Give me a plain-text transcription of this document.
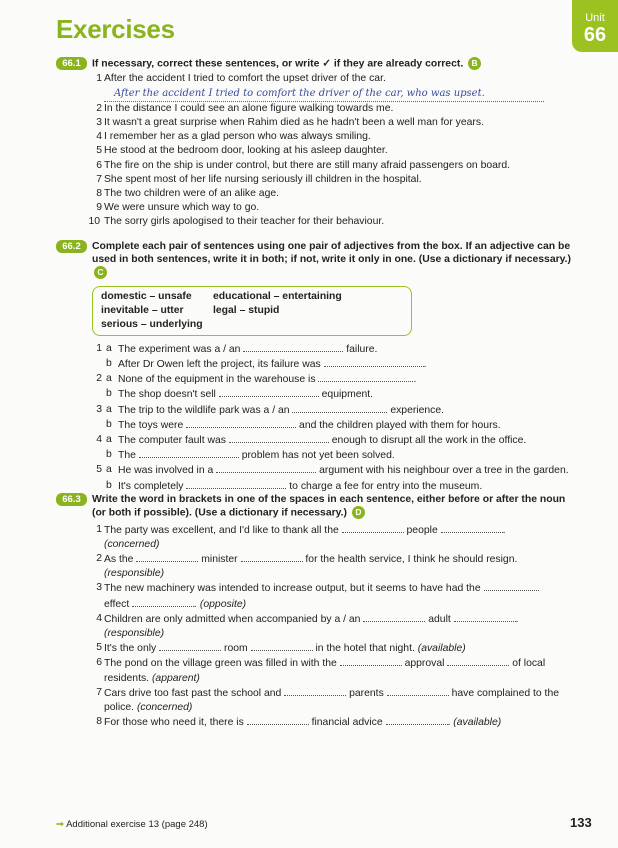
Exercises	Unit
66
66.1	If necessary, correct these sentences, or write ✓ if they are already correct. B
1 After the accident I tried to comfort the upset driver of the car.
After the accident I tried to comfort the driver of the car, who was upset.
2 In the distance I could see an alone figure walking towards me.
3 It wasn't a great surprise when Rahim died as he hadn't been a well man for years.
4 I remember her as a glad person who was always smiling.
5 He stood at the bedroom door, looking at his asleep daughter.
6 The fire on the ship is under control, but there are still many afraid passengers on board.
7 She spent most of her life nursing seriously ill children in the hospital.
8 The two children were of an alike age.
9 We were unsure which way to go.
10 The sorry girls apologised to their teacher for their behaviour.
66.2	Complete each pair of sentences using one pair of adjectives from the box. If an adjective can be used in both sentences, write it in both; if not, write it only in one. (Use a dictionary if necessary.) C
domestic – unsafe educational – entertaining
inevitable – utter	legal – stupidserious – underlying
1 a The experiment was a / an	failure.
b After Dr Owen left the project, its failure was	.
2 a None of the equipment in the warehouse is	.
b The shop doesn't sell	equipment.
3 a The trip to the wildlife park was a / an	experience.
b The toys were	and the children played with them for hours.
4 a The computer fault was	enough to disrupt all the work in the office.
b The	problem has not yet been solved.
5 a He was involved in a	argument with his neighbour over a tree in the garden.
b It's completely	to charge a fee for entry into the museum.
66.3	Write the word in brackets in one of the spaces in each sentence, either before or after the noun (or both if possible). (Use a dictionary if necessary.) D
1 The party was excellent, and I'd like to thank all the	people	.
(concerned)
2 As the	minister	for the health service, I think he should resign.
(responsible)
3 The new machinery was intended to increase output, but it seems to have had the
effect	. (opposite)
4 Children are only admitted when accompanied by a / an	adult	.
(responsible)
5 It's the only	room	in the hotel that night. (available)
6 The pond on the village green was filled in with the	approval	of local residents. (apparent)
7 Cars drive too fast past the school and	parents	have complained to the police. (concerned)
8 For those who need it, there is	financial advice	. (available)
➞ Additional exercise 13 (page 248)	133
